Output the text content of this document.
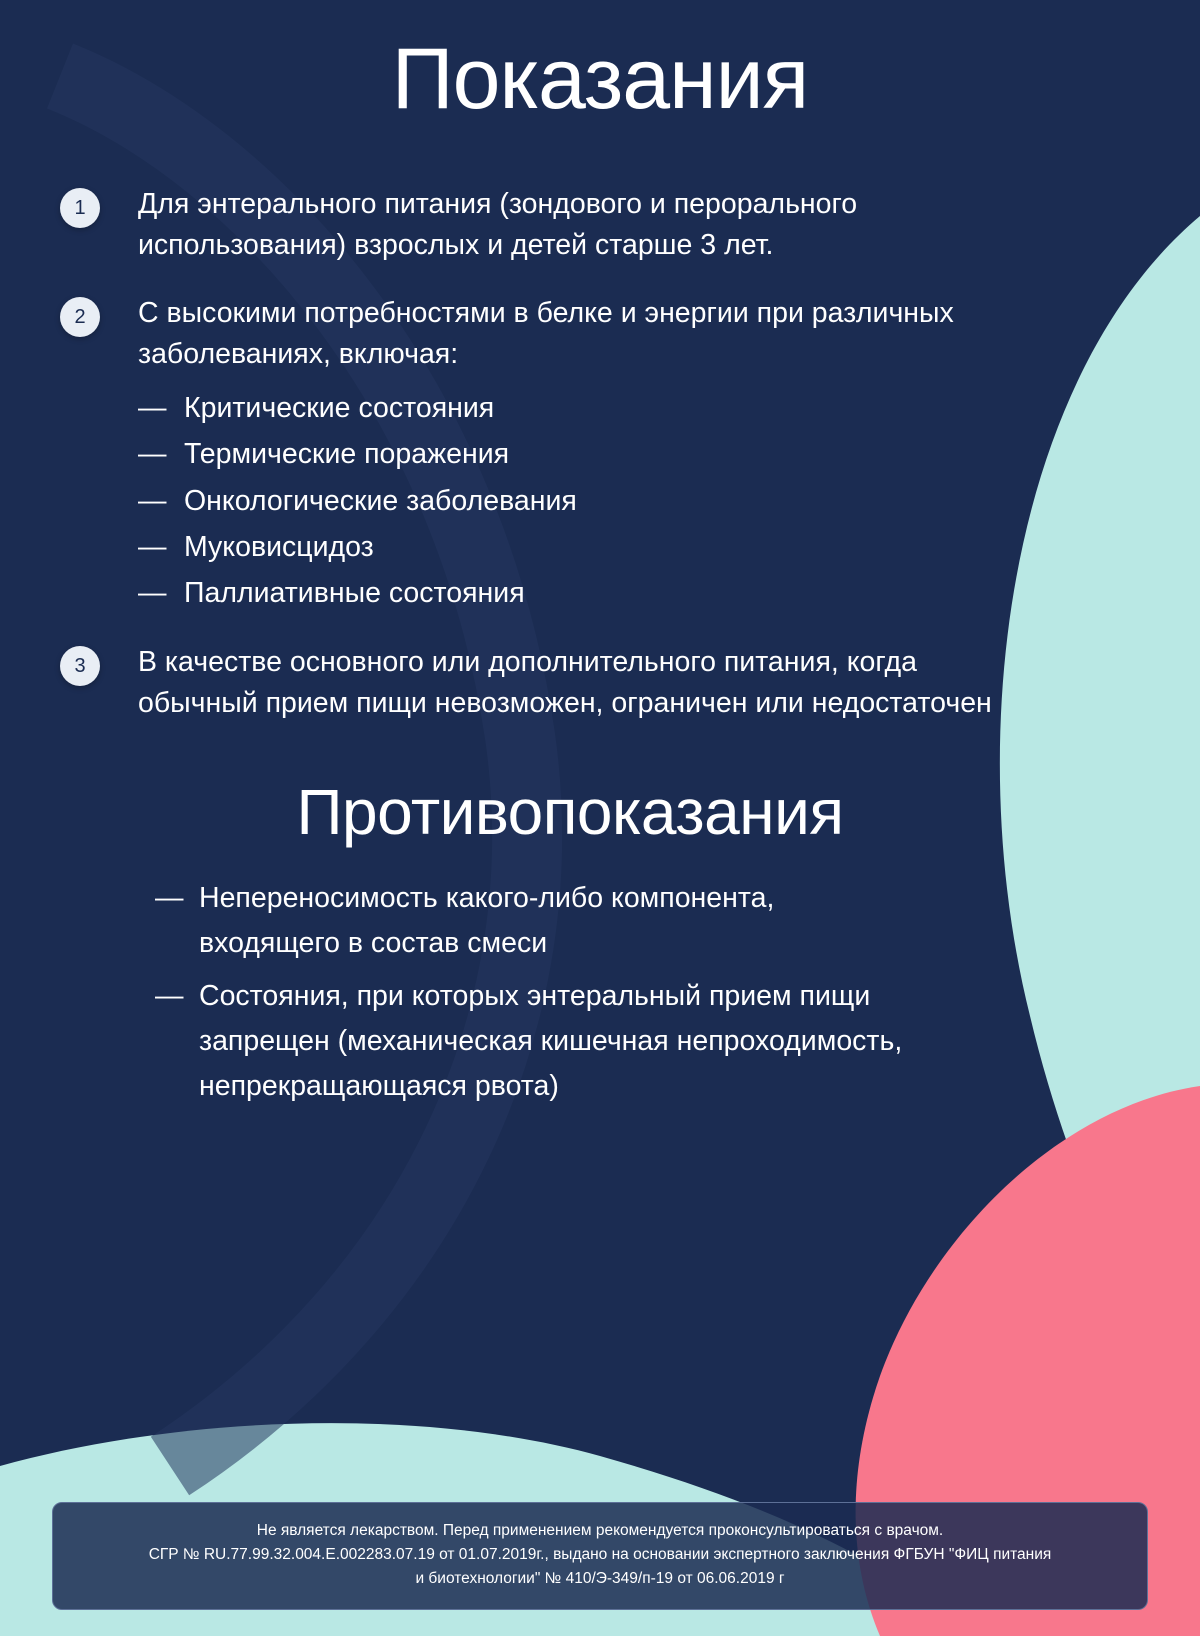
Показания
1	Для энтерального питания (зондового и перорального использования) взрослых и детей старше 3 лет.
2	С высокими потребностями в белке и энергии при различных заболеваниях, включая:
— Критические состояния
— Термические поражения
— Онкологические заболевания
— Муковисцидоз
— Паллиативные состояния
3	В качестве основного или дополнительного питания, когда обычный прием пищи невозможен, ограничен или недостаточен
Противопоказания
— Непереносимость какого-либо компонента, входящего в состав смеси
— Состояния, при которых энтеральный прием пищи запрещен (механическая кишечная непроходимость, непрекращающаяся рвота)

Не является лекарством. Перед применением рекомендуется проконсультироваться с врачом.

СГР № RU.77.99.32.004.Е.002283.07.19 от 01.07.2019г., выдано на основании экспертного заключения ФГБУН "ФИЦ питания

и биотехнологии" № 410/Э-349/п-19 от 06.06.2019 г
